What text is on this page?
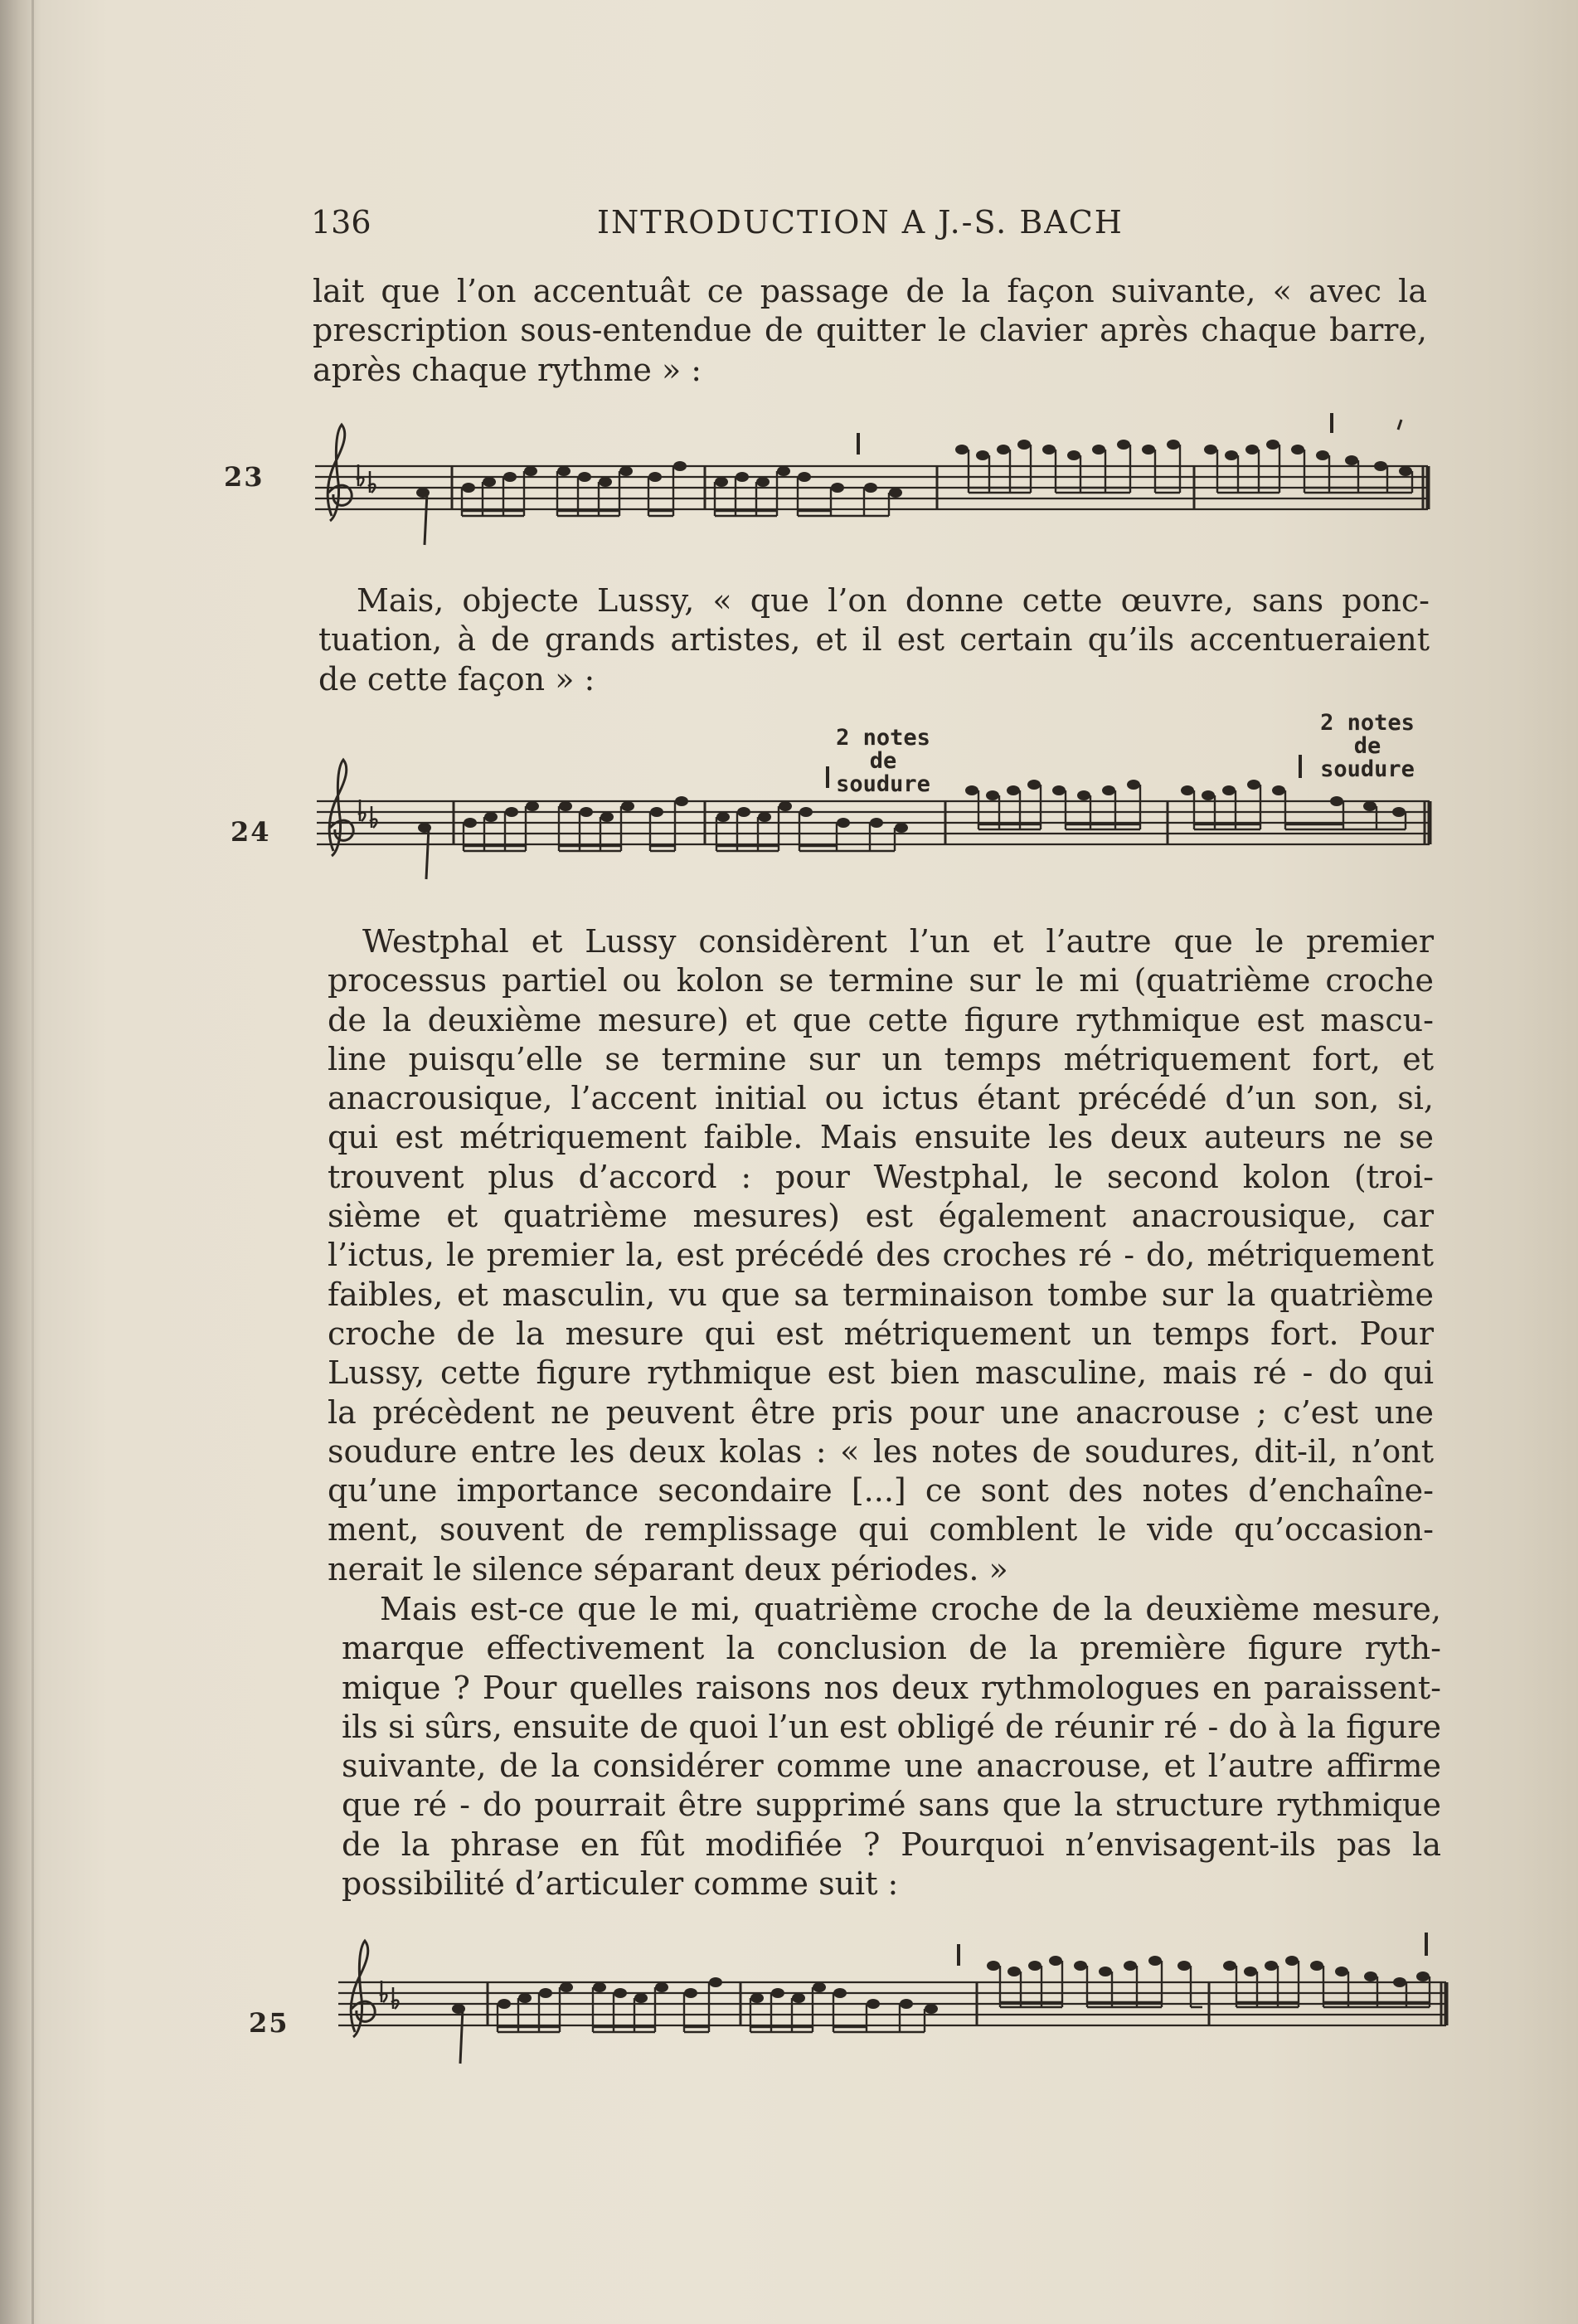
136	INTRODUCTION A J.-S. BACH
lait que l’on accentuât ce passage de la façon suivante, « avec la
prescription sous-entendue de quitter le clavier après chaque barre,
après chaque rythme » :
23
Mais, objecte Lussy, « que l’on donne cette œuvre, sans ponc-
tuation, à de grands artistes, et il est certain qu’ils accentueraient
de cette façon » :
24
2 notes
de
soudure
2 notes
de
soudure
Westphal et Lussy considèrent l’un et l’autre que le premier
processus partiel ou kolon se termine sur le mi (quatrième croche
de la deuxième mesure) et que cette figure rythmique est mascu-
line puisqu’elle se termine sur un temps métriquement fort, et
anacrousique, l’accent initial ou ictus étant précédé d’un son, si,
qui est métriquement faible. Mais ensuite les deux auteurs ne se
trouvent plus d’accord : pour Westphal, le second kolon (troi-
sième et quatrième mesures) est également anacrousique, car
l’ictus, le premier la, est précédé des croches ré - do, métriquement
faibles, et masculin, vu que sa terminaison tombe sur la quatrième
croche de la mesure qui est métriquement un temps fort. Pour
Lussy, cette figure rythmique est bien masculine, mais ré - do qui
la précèdent ne peuvent être pris pour une anacrouse ; c’est une
soudure entre les deux kolas : « les notes de soudures, dit-il, n’ont
qu’une importance secondaire [...] ce sont des notes d’enchaîne-
ment, souvent de remplissage qui comblent le vide qu’occasion-
nerait le silence séparant deux périodes. »
Mais est-ce que le mi, quatrième croche de la deuxième mesure,
marque effectivement la conclusion de la première figure ryth-
mique ? Pour quelles raisons nos deux rythmologues en paraissent-
ils si sûrs, ensuite de quoi l’un est obligé de réunir ré - do à la figure
suivante, de la considérer comme une anacrouse, et l’autre affirme
que ré - do pourrait être supprimé sans que la structure rythmique
de la phrase en fût modifiée ? Pourquoi n’envisagent-ils pas la
possibilité d’articuler comme suit :
25
